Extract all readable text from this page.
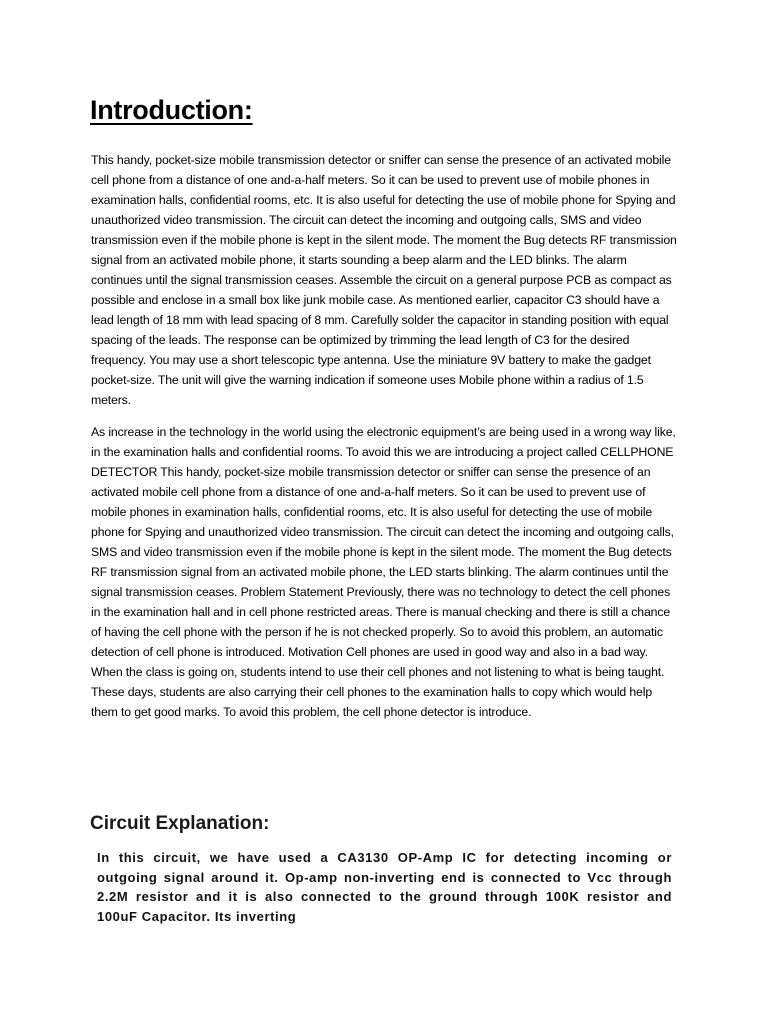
Introduction:

This handy, pocket-size mobile transmission detector or sniffer can sense the presence of an activated mobile cell phone from a distance of one and-a-half meters. So it can be used to prevent use of mobile phones in examination halls, confidential rooms, etc. It is also useful for detecting the use of mobile phone for Spying and unauthorized video transmission. The circuit can detect the incoming and outgoing calls, SMS and video transmission even if the mobile phone is kept in the silent mode. The moment the Bug detects RF transmission signal from an activated mobile phone, it starts sounding a beep alarm and the LED blinks. The alarm continues until the signal transmission ceases. Assemble the circuit on a general purpose PCB as compact as possible and enclose in a small box like junk mobile case. As mentioned earlier, capacitor C3 should have a lead length of 18 mm with lead spacing of 8 mm. Carefully solder the capacitor in standing position with equal spacing of the leads. The response can be optimized by trimming the lead length of C3 for the desired frequency. You may use a short telescopic type antenna. Use the miniature 9V battery to make the gadget pocket-size. The unit will give the warning indication if someone uses Mobile phone within a radius of 1.5 meters.

As increase in the technology in the world using the electronic equipment’s are being used in a wrong way like, in the examination halls and confidential rooms. To avoid this we are introducing a project called CELLPHONE DETECTOR This handy, pocket-size mobile transmission detector or sniffer can sense the presence of an activated mobile cell phone from a distance of one and-a-half meters. So it can be used to prevent use of mobile phones in examination halls, confidential rooms, etc. It is also useful for detecting the use of mobile phone for Spying and unauthorized video transmission. The circuit can detect the incoming and outgoing calls, SMS and video transmission even if the mobile phone is kept in the silent mode. The moment the Bug detects RF transmission signal from an activated mobile phone, the LED starts blinking. The alarm continues until the signal transmission ceases. Problem Statement Previously, there was no technology to detect the cell phones in the examination hall and in cell phone restricted areas. There is manual checking and there is still a chance of having the cell phone with the person if he is not checked properly. So to avoid this problem, an automatic detection of cell phone is introduced. Motivation Cell phones are used in good way and also in a bad way. When the class is going on, students intend to use their cell phones and not listening to what is being taught. These days, students are also carrying their cell phones to the examination halls to copy which would help them to get good marks. To avoid this problem, the cell phone detector is introduce.

Circuit Explanation:

In this circuit, we have used a CA3130 OP-Amp IC for detecting incoming or outgoing signal around it. Op-amp non-inverting end is connected to Vcc through 2.2M resistor and it is also connected to the ground through 100K resistor and 100uF Capacitor. Its inverting
